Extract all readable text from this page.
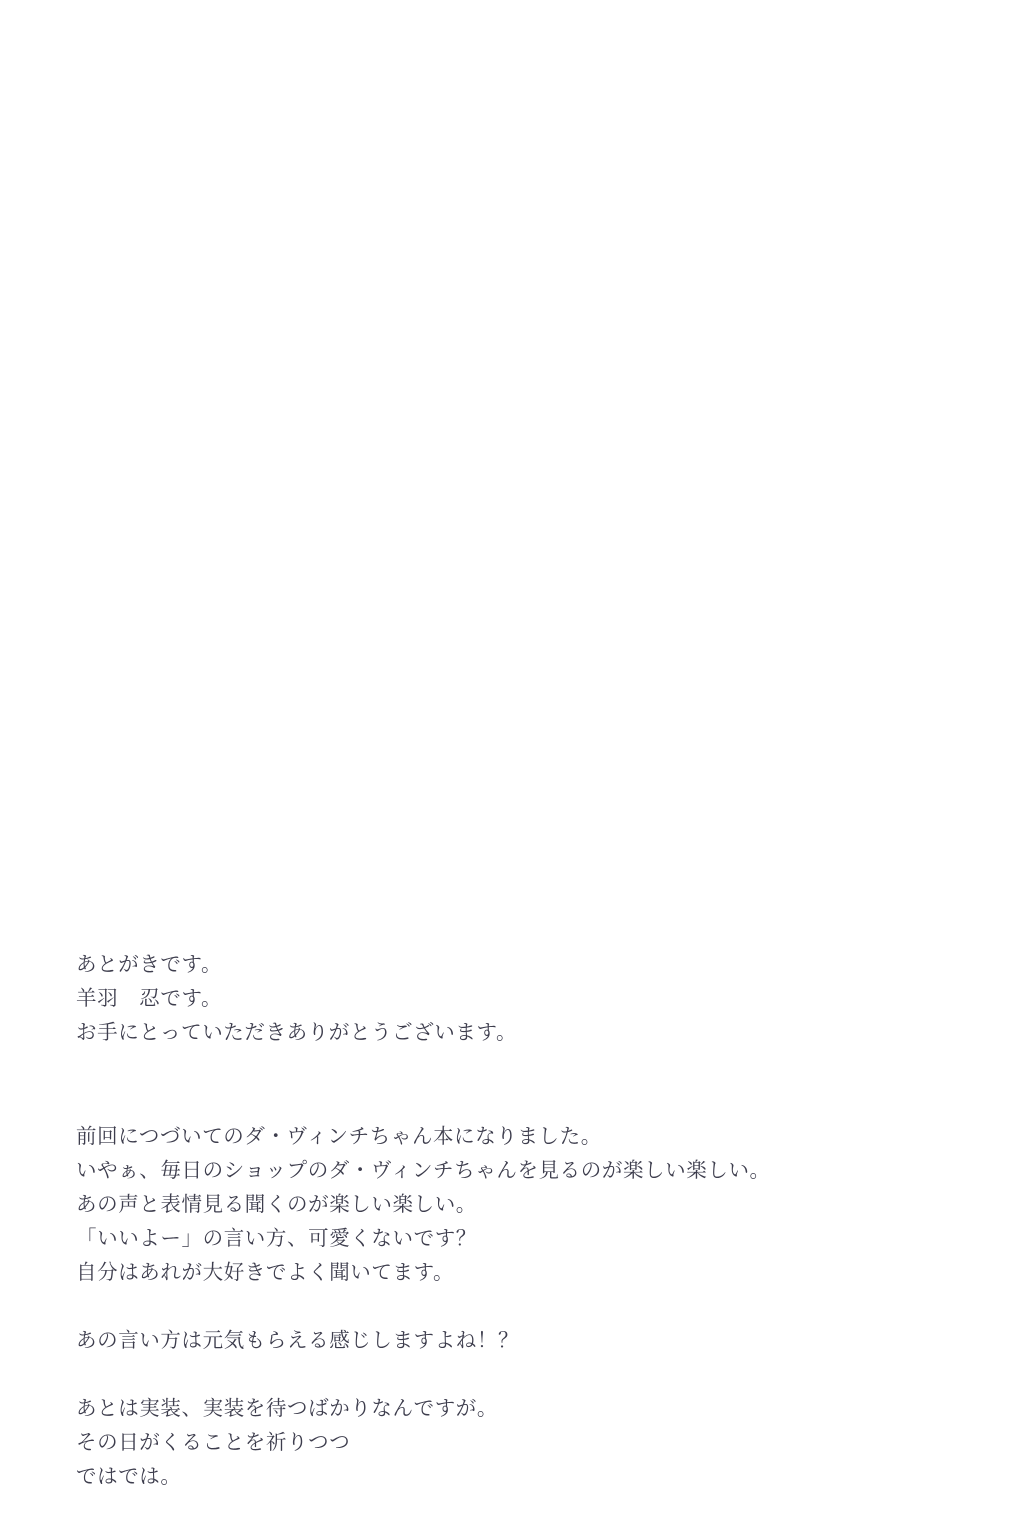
あとがきです。
羊羽　忍です。
お手にとっていただきありがとうございます。
前回につづいてのダ・ヴィンチちゃん本になりました。
いやぁ、毎日のショップのダ・ヴィンチちゃんを見るのが楽しい楽しい。
あの声と表情見る聞くのが楽しい楽しい。
「いいよー」の言い方、可愛くないです？
自分はあれが大好きでよく聞いてます。
あの言い方は元気もらえる感じしますよね！？
あとは実装、実装を待つばかりなんですが。
その日がくることを祈りつつ
ではでは。
